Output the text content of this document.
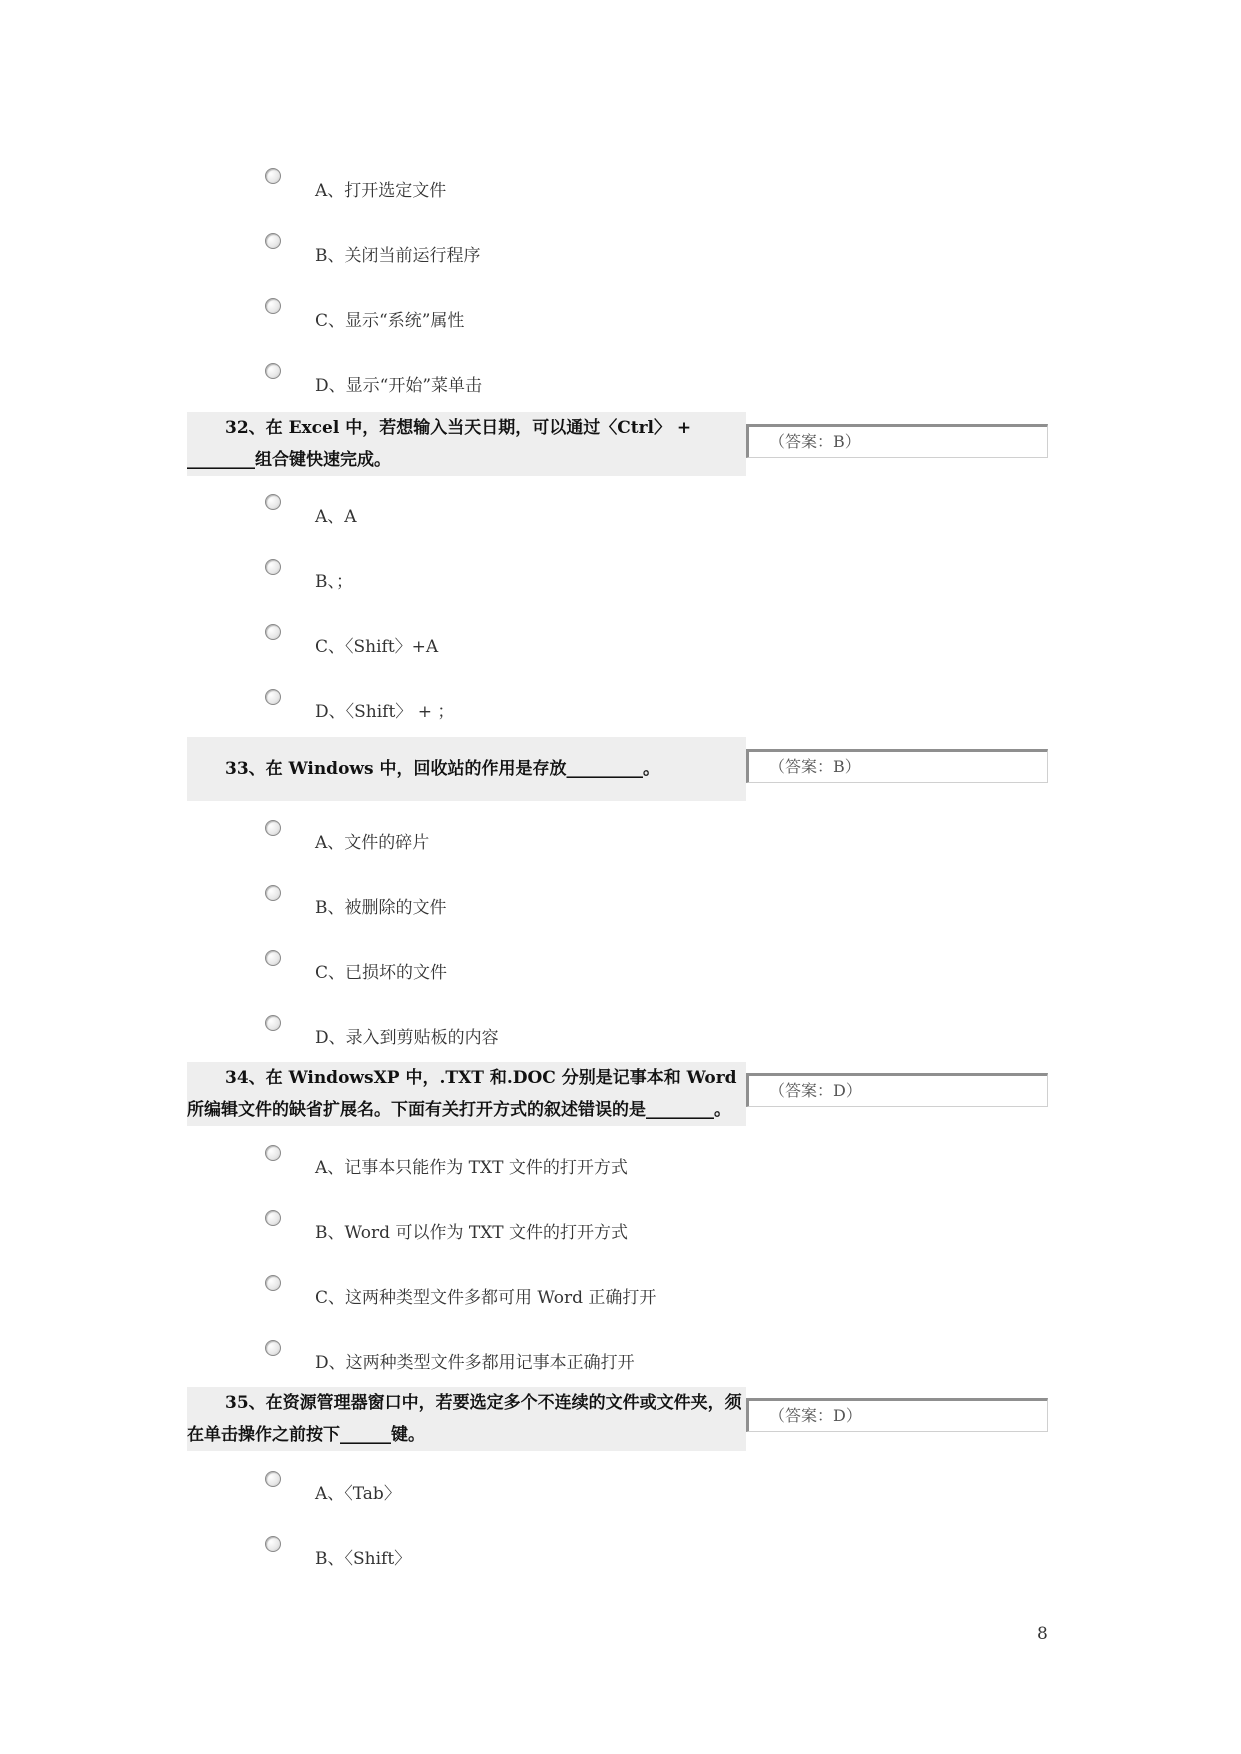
A、打开选定文件
B、关闭当前运行程序
C、显示“系统”属性
D、显示“开始”菜单击
32、在 Excel 中，若想输入当天日期，可以通过〈Ctrl〉 + ________组合键快速完成。
（答案：B）
A、A
B、；
C、〈Shift〉+A
D、〈Shift〉 + ；
33、在 Windows 中，回收站的作用是存放_________。	（答案：B）
A、文件的碎片
B、被删除的文件
C、已损坏的文件
D、录入到剪贴板的内容
34、在 WindowsXP 中，.TXT 和.DOC 分别是记事本和 Word 所编辑文件的缺省扩展名。下面有关打开方式的叙述错误的是________。
（答案：D）
A、记事本只能作为 TXT 文件的打开方式
B、Word 可以作为 TXT 文件的打开方式
C、这两种类型文件多都可用 Word 正确打开
D、这两种类型文件多都用记事本正确打开
35、在资源管理器窗口中，若要选定多个不连续的文件或文件夹，须在单击操作之前按下______键。
（答案：D）
A、〈Tab〉
B、〈Shift〉
8
